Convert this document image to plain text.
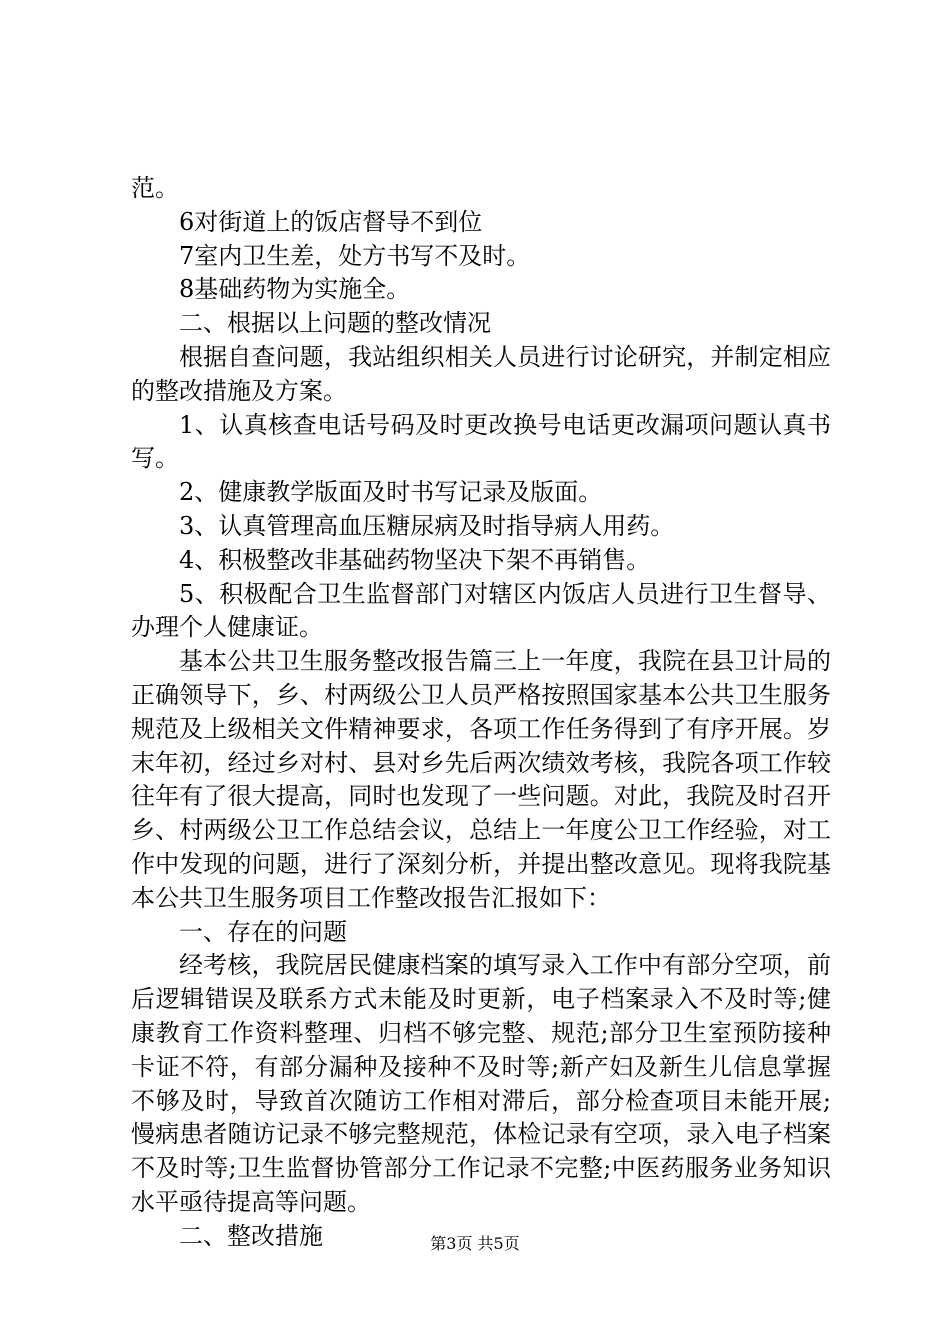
范。

6对街道上的饭店督导不到位

7室内卫生差，处方书写不及时。

8基础药物为实施全。

二、根据以上问题的整改情况

根据自查问题，我站组织相关人员进行讨论研究，并制定相应的整改措施及方案。

1、认真核查电话号码及时更改换号电话更改漏项问题认真书写。

2、健康教学版面及时书写记录及版面。

3、认真管理高血压糖尿病及时指导病人用药。

4、积极整改非基础药物坚决下架不再销售。

5、积极配合卫生监督部门对辖区内饭店人员进行卫生督导、办理个人健康证。

基本公共卫生服务整改报告篇三上一年度，我院在县卫计局的正确领导下，乡、村两级公卫人员严格按照国家基本公共卫生服务规范及上级相关文件精神要求，各项工作任务得到了有序开展。岁末年初，经过乡对村、县对乡先后两次绩效考核，我院各项工作较往年有了很大提高，同时也发现了一些问题。对此，我院及时召开乡、村两级公卫工作总结会议，总结上一年度公卫工作经验，对工作中发现的问题，进行了深刻分析，并提出整改意见。现将我院基本公共卫生服务项目工作整改报告汇报如下：

一、存在的问题

经考核，我院居民健康档案的填写录入工作中有部分空项，前后逻辑错误及联系方式未能及时更新，电子档案录入不及时等;健康教育工作资料整理、归档不够完整、规范;部分卫生室预防接种卡证不符，有部分漏种及接种不及时等;新产妇及新生儿信息掌握不够及时，导致首次随访工作相对滞后，部分检查项目未能开展;慢病患者随访记录不够完整规范，体检记录有空项，录入电子档案不及时等;卫生监督协管部分工作记录不完整;中医药服务业务知识水平亟待提高等问题。

二、整改措施	第3页 共5页
